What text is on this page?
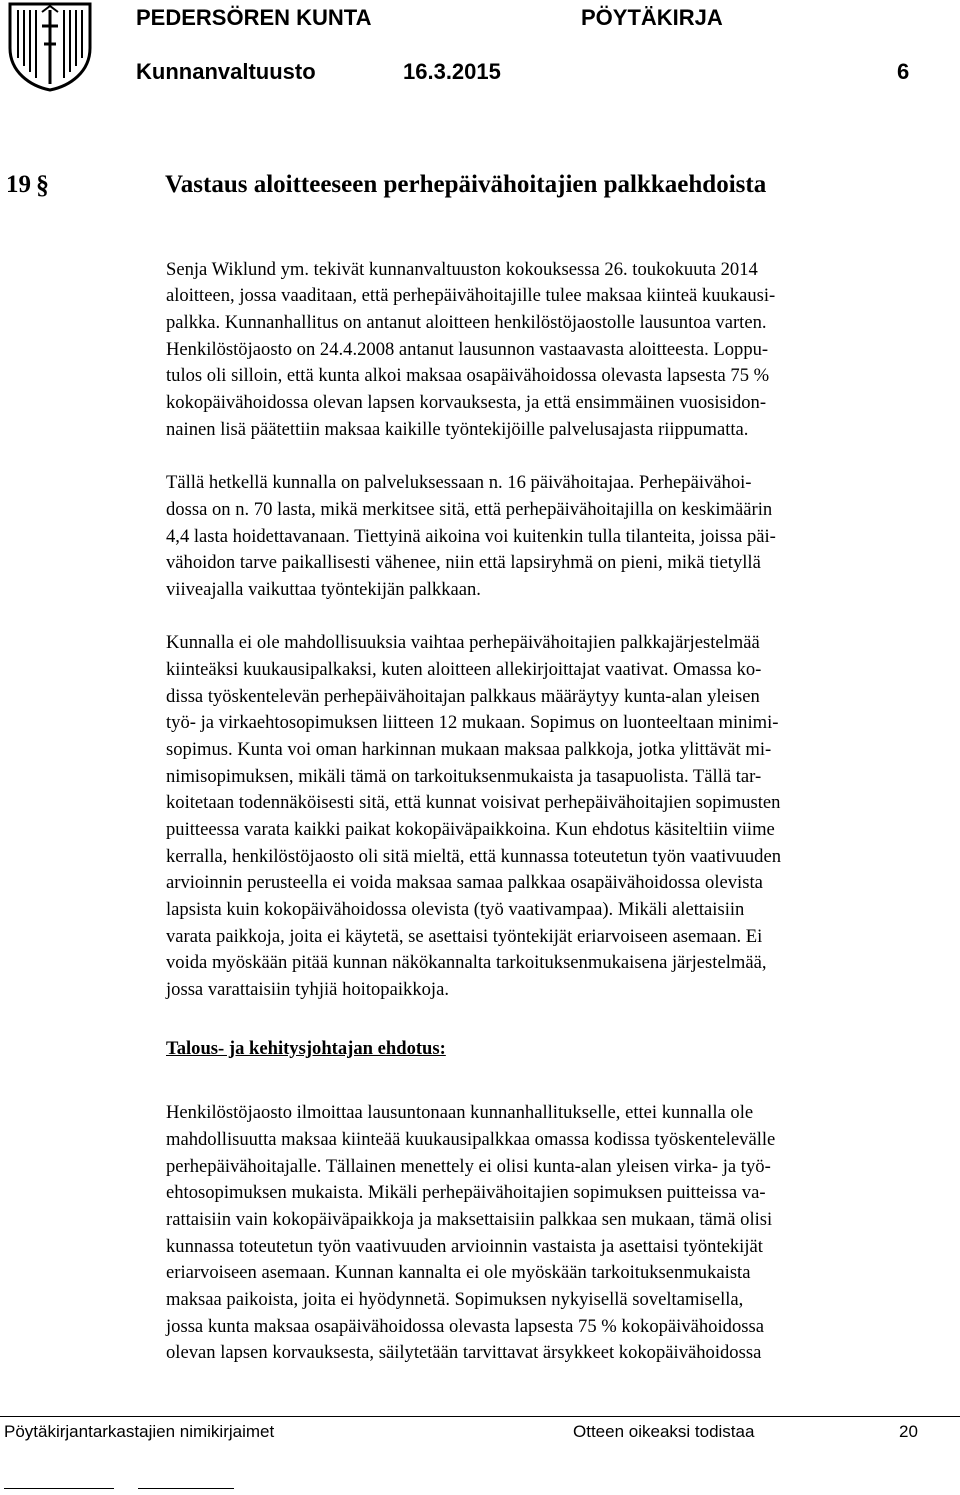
PEDERSÖREN KUNTA	PÖYTÄKIRJA
Kunnanvaltuusto	16.3.2015	6
19 §	Vastaus aloitteeseen perhepäivähoitajien palkkaehdoista
Senja Wiklund ym. tekivät kunnanvaltuuston kokouksessa 26. toukokuuta 2014
aloitteen, jossa vaaditaan, että perhepäivähoitajille tulee maksaa kiinteä kuukausi-
palkka. Kunnanhallitus on antanut aloitteen henkilöstöjaostolle lausuntoa varten.
Henkilöstöjaosto on 24.4.2008 antanut lausunnon vastaavasta aloitteesta. Loppu-
tulos oli silloin, että kunta alkoi maksaa osapäivähoidossa olevasta lapsesta 75 %
kokopäivähoidossa olevan lapsen korvauksesta, ja että ensimmäinen vuosisidon-
nainen lisä päätettiin maksaa kaikille työntekijöille palvelusajasta riippumatta.
Tällä hetkellä kunnalla on palveluksessaan n. 16 päivähoitajaa. Perhepäivähoi-
dossa on n. 70 lasta, mikä merkitsee sitä, että perhepäivähoitajilla on keskimäärin
4,4 lasta hoidettavanaan. Tiettyinä aikoina voi kuitenkin tulla tilanteita, joissa päi-
vähoidon tarve paikallisesti vähenee, niin että lapsiryhmä on pieni, mikä tietyllä
viiveajalla vaikuttaa työntekijän palkkaan.
Kunnalla ei ole mahdollisuuksia vaihtaa perhepäivähoitajien palkkajärjestelmää
kiinteäksi kuukausipalkaksi, kuten aloitteen allekirjoittajat vaativat. Omassa ko-
dissa työskentelevän perhepäivähoitajan palkkaus määräytyy kunta-alan yleisen
työ- ja virkaehtosopimuksen liitteen 12 mukaan. Sopimus on luonteeltaan minimi-
sopimus. Kunta voi oman harkinnan mukaan maksaa palkkoja, jotka ylittävät mi-
nimisopimuksen, mikäli tämä on tarkoituksenmukaista ja tasapuolista. Tällä tar-
koitetaan todennäköisesti sitä, että kunnat voisivat perhepäivähoitajien sopimusten
puitteessa varata kaikki paikat kokopäiväpaikkoina. Kun ehdotus käsiteltiin viime
kerralla, henkilöstöjaosto oli sitä mieltä, että kunnassa toteutetun työn vaativuuden
arvioinnin perusteella ei voida maksaa samaa palkkaa osapäivähoidossa olevista
lapsista kuin kokopäivähoidossa olevista (työ vaativampaa). Mikäli alettaisiin
varata paikkoja, joita ei käytetä, se asettaisi työntekijät eriarvoiseen asemaan. Ei
voida myöskään pitää kunnan näkökannalta tarkoituksenmukaisena järjestelmää,
jossa varattaisiin tyhjiä hoitopaikkoja.
Talous- ja kehitysjohtajan ehdotus:
Henkilöstöjaosto ilmoittaa lausuntonaan kunnanhallitukselle, ettei kunnalla ole
mahdollisuutta maksaa kiinteää kuukausipalkkaa omassa kodissa työskentelevälle
perhepäivähoitajalle. Tällainen menettely ei olisi kunta-alan yleisen virka- ja työ-
ehtosopimuksen mukaista. Mikäli perhepäivähoitajien sopimuksen puitteissa va-
rattaisiin vain kokopäiväpaikkoja ja maksettaisiin palkkaa sen mukaan, tämä olisi
kunnassa toteutetun työn vaativuuden arvioinnin vastaista ja asettaisi työntekijät
eriarvoiseen asemaan. Kunnan kannalta ei ole myöskään tarkoituksenmukaista
maksaa paikoista, joita ei hyödynnetä. Sopimuksen nykyisellä soveltamisella,
jossa kunta maksaa osapäivähoidossa olevasta lapsesta 75 % kokopäivähoidossa
olevan lapsen korvauksesta, säilytetään tarvittavat ärsykkeet kokopäivähoidossa
Pöytäkirjantarkastajien nimikirjaimet	Otteen oikeaksi todistaa	20
